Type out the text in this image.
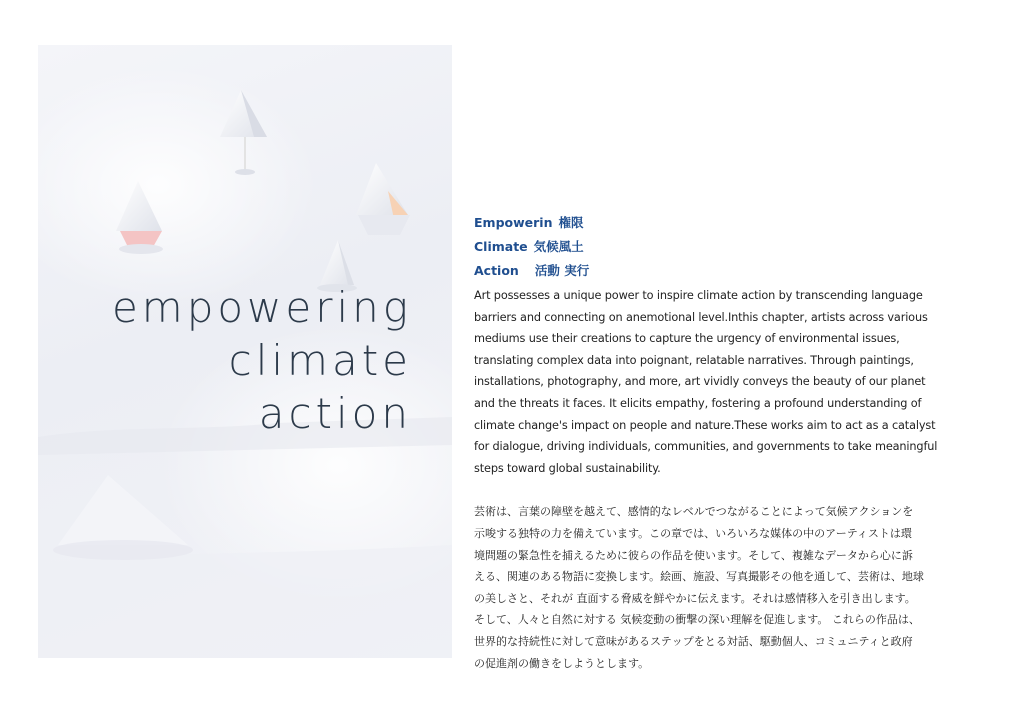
empowering
climate
action
Empowerin 権限
Climate 気候風土
Action 活動 実行
Art possesses a unique power to inspire climate action by transcending language
barriers and connecting on anemotional level.Inthis chapter, artists across various
mediums use their creations to capture the urgency of environmental issues,
translating complex data into poignant, relatable narratives. Through paintings,
installations, photography, and more, art vividly conveys the beauty of our planet
and the threats it faces. It elicits empathy, fostering a profound understanding of
climate change's impact on people and nature.These works aim to act as a catalyst
for dialogue, driving individuals, communities, and governments to take meaningful
steps toward global sustainability.
芸術は、言葉の障壁を越えて、感情的なレベルでつながることによって気候アクションを
示唆する独特の力を備えています。この章では、いろいろな媒体の中のアーティストは環
境問題の緊急性を捕えるために彼らの作品を使います。そして、複雑なデータから心に訴
える、関連のある物語に変換します。絵画、施設、写真撮影その他を通して、芸術は、地球
の美しさと、それが 直面する脅威を鮮やかに伝えます。それは感情移入を引き出します。
そして、人々と自然に対する 気候変動の衝撃の深い理解を促進します。 これらの作品は、
世界的な持続性に対して意味があるステップをとる対話、駆動個人、コミュニティと政府
の促進剤の働きをしようとします。
